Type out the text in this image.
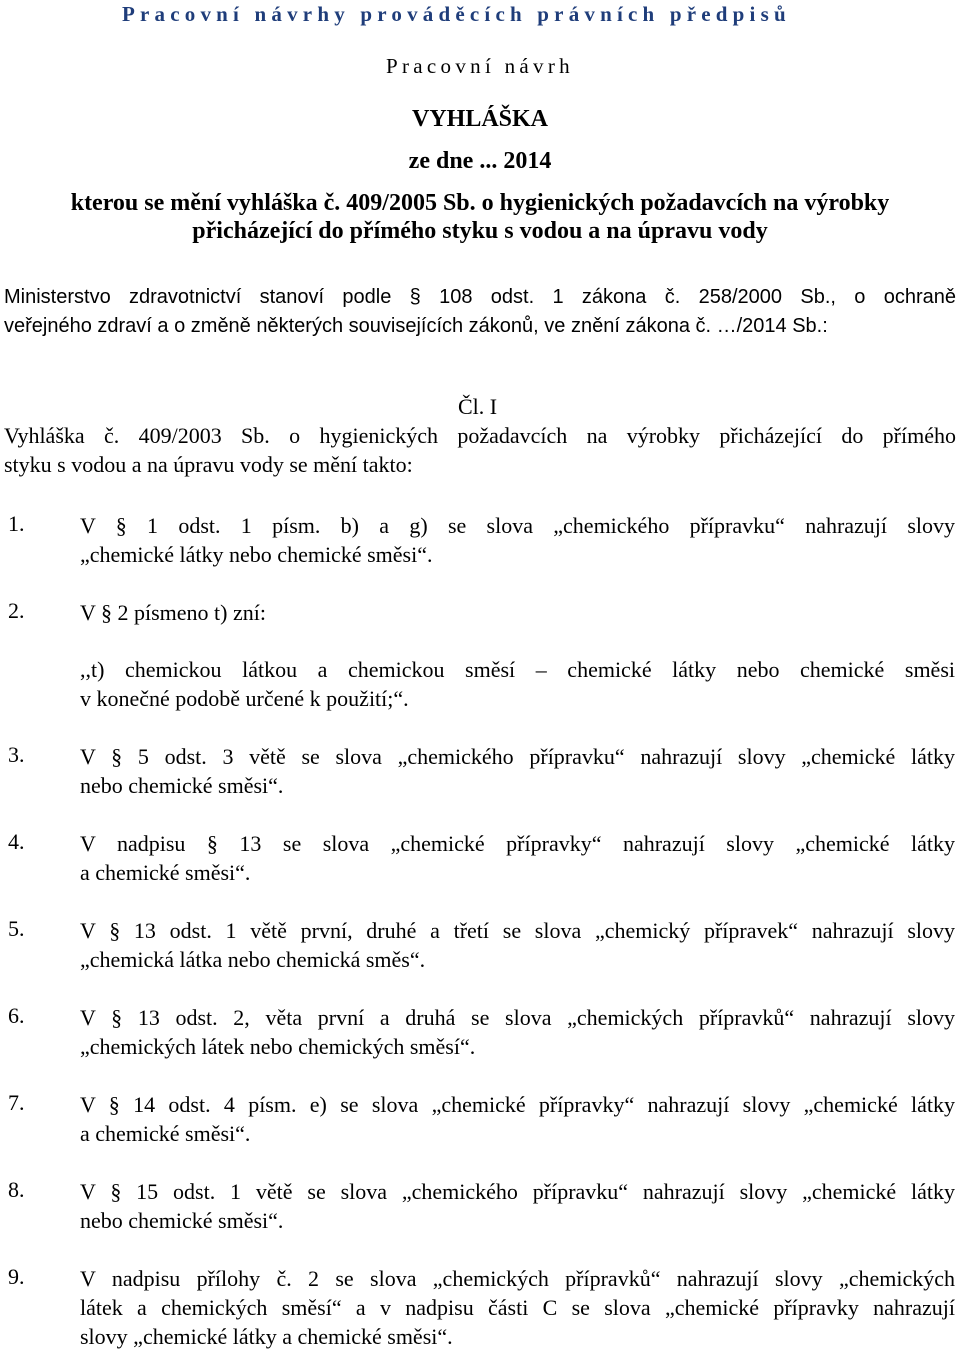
Pracovní návrhy prováděcích právních předpisů
Pracovní návrh
VYHLÁŠKA
ze dne ... 2014
kterou se mění vyhláška č. 409/2005 Sb. o hygienických požadavcích na výrobky
přicházející do přímého styku s vodou a na úpravu vody
Ministerstvo zdravotnictví stanoví podle § 108 odst. 1 zákona č. 258/2000 Sb., o ochraně
veřejného zdraví a o změně některých souvisejících zákonů, ve znění zákona č. …/2014 Sb.:
Čl. I
Vyhláška č. 409/2003 Sb. o hygienických požadavcích na výrobky přicházející do přímého
styku s vodou a na úpravu vody se mění takto:
1.	V § 1 odst. 1 písm. b) a g) se slova „chemického přípravku“ nahrazují slovy
„chemické látky nebo chemické směsi“.
2.	V § 2 písmeno t) zní:
,,t) chemickou látkou a chemickou směsí – chemické látky nebo chemické směsi
v konečné podobě určené k použití;“.
3.	V § 5 odst. 3 větě se slova „chemického přípravku“ nahrazují slovy „chemické látky
nebo chemické směsi“.
4.	V nadpisu § 13 se slova „chemické přípravky“ nahrazují slovy „chemické látky
a chemické směsi“.
5.	V § 13 odst. 1 větě první, druhé a třetí se slova „chemický přípravek“ nahrazují slovy
„chemická látka nebo chemická směs“.
6.	V § 13 odst. 2, věta první a druhá se slova „chemických přípravků“ nahrazují slovy
„chemických látek nebo chemických směsí“.
7.	V § 14 odst. 4 písm. e) se slova „chemické přípravky“ nahrazují slovy „chemické látky
a chemické směsi“.
8.	V § 15 odst. 1 větě se slova „chemického přípravku“ nahrazují slovy „chemické látky
nebo chemické směsi“.
9.	V nadpisu přílohy č. 2 se slova „chemických přípravků“ nahrazují slovy „chemických
látek a chemických směsí“ a v nadpisu části C se slova „chemické přípravky nahrazují
slovy „chemické látky a chemické směsi“.
